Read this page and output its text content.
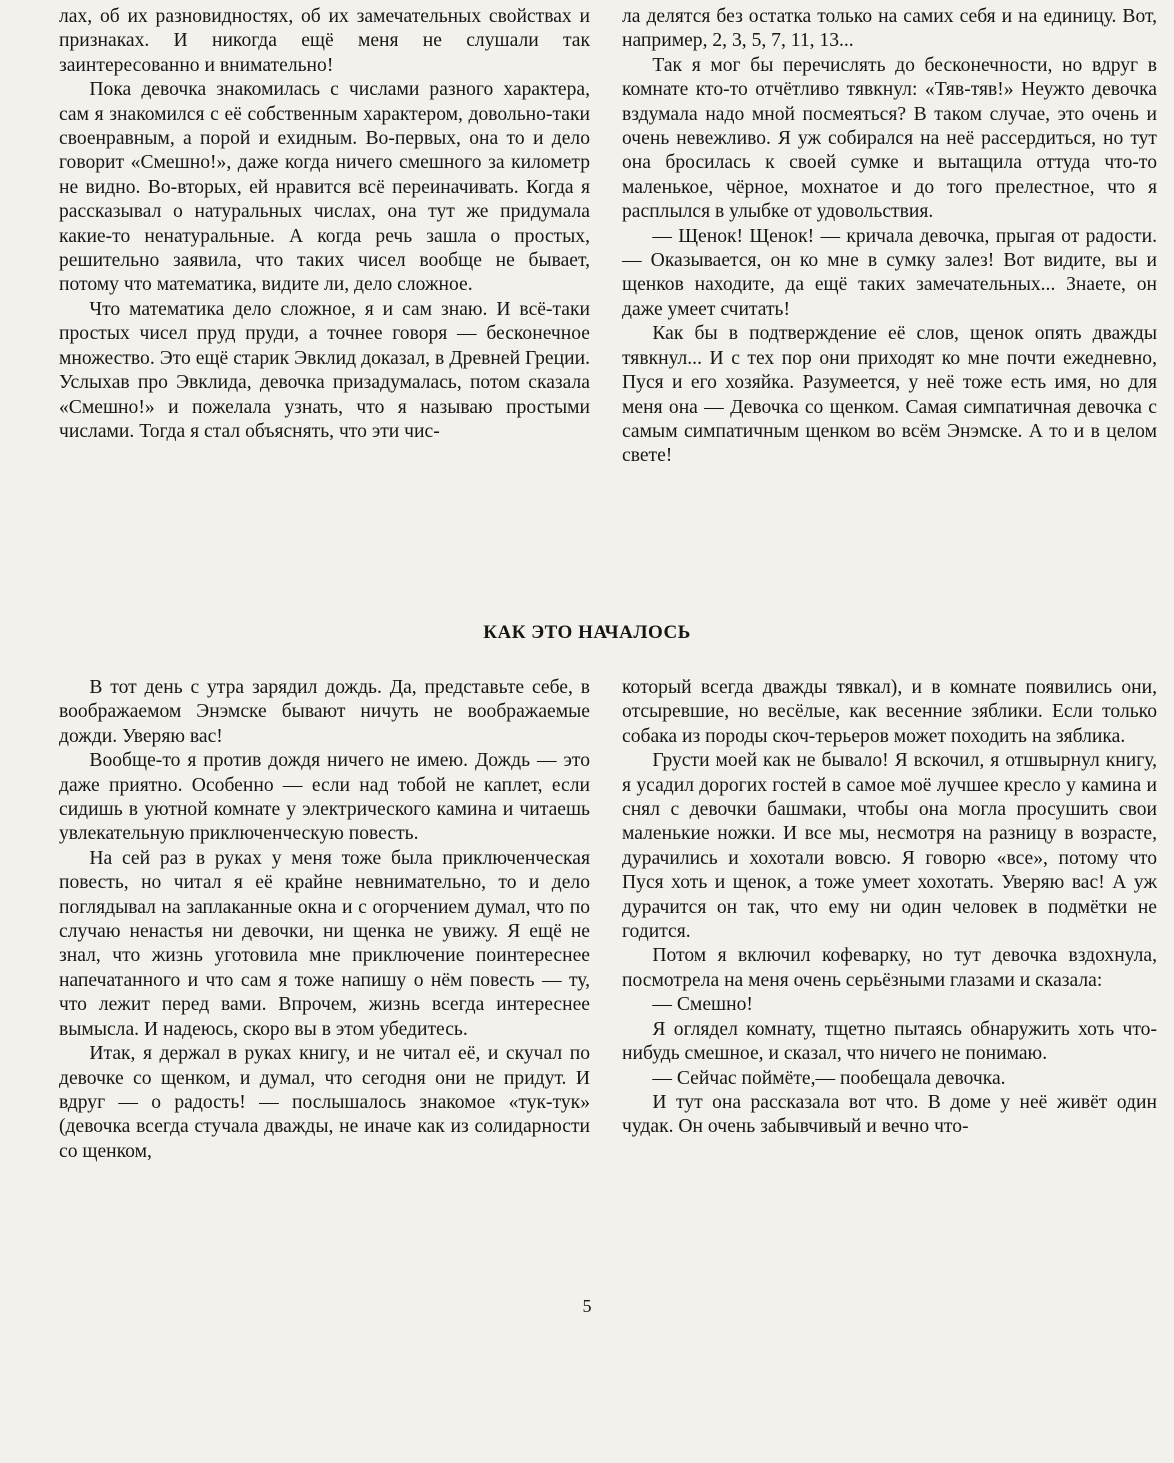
лах, об их разновидностях, об их замечательных свойствах и признаках. И никогда ещё меня не слушали так заинтересованно и внимательно!

Пока девочка знакомилась с числами разного характера, сам я знакомился с её собственным характером, довольно-таки своенравным, а порой и ехидным. Во-первых, она то и дело говорит «Смешно!», даже когда ничего смешного за километр не видно. Во-вторых, ей нравится всё переиначивать. Когда я рассказывал о натуральных числах, она тут же придумала какие-то ненатуральные. А когда речь зашла о простых, решительно заявила, что таких чисел вообще не бывает, потому что математика, видите ли, дело сложное.

Что математика дело сложное, я и сам знаю. И всё-таки простых чисел пруд пруди, а точнее говоря — бесконечное множество. Это ещё старик Эвклид доказал, в Древней Греции. Услыхав про Эвклида, девочка призадумалась, потом сказала «Смешно!» и пожелала узнать, что я называю простыми числами. Тогда я стал объяснять, что эти чис-

ла делятся без остатка только на самих себя и на единицу. Вот, например, 2, 3, 5, 7, 11, 13...

Так я мог бы перечислять до бесконечности, но вдруг в комнате кто-то отчётливо тявкнул: «Тяв-тяв!» Неужто девочка вздумала надо мной посмеяться? В таком случае, это очень и очень невежливо. Я уж собирался на неё рассердиться, но тут она бросилась к своей сумке и вытащила оттуда что-то маленькое, чёрное, мохнатое и до того прелестное, что я расплылся в улыбке от удовольствия.

— Щенок! Щенок! — кричала девочка, прыгая от радости.— Оказывается, он ко мне в сумку залез! Вот видите, вы и щенков находите, да ещё таких замечательных... Знаете, он даже умеет считать!

Как бы в подтверждение её слов, щенок опять дважды тявкнул... И с тех пор они приходят ко мне почти ежедневно, Пуся и его хозяйка. Разумеется, у неё тоже есть имя, но для меня она — Девочка со щенком. Самая симпатичная девочка с самым симпатичным щенком во всём Энэмске. А то и в целом свете!

КАК ЭТО НАЧАЛОСЬ

В тот день с утра зарядил дождь. Да, представьте себе, в воображаемом Энэмске бывают ничуть не воображаемые дожди. Уверяю вас!

Вообще-то я против дождя ничего не имею. Дождь — это даже приятно. Особенно — если над тобой не каплет, если сидишь в уютной комнате у электрического камина и читаешь увлекательную приключенческую повесть.

На сей раз в руках у меня тоже была приключенческая повесть, но читал я её крайне невнимательно, то и дело поглядывал на заплаканные окна и с огорчением думал, что по случаю ненастья ни девочки, ни щенка не увижу. Я ещё не знал, что жизнь уготовила мне приключение поинтереснее напечатанного и что сам я тоже напишу о нём повесть — ту, что лежит перед вами. Впрочем, жизнь всегда интереснее вымысла. И надеюсь, скоро вы в этом убедитесь.

Итак, я держал в руках книгу, и не читал её, и скучал по девочке со щенком, и думал, что сегодня они не придут. И вдруг — о радость! — послышалось знакомое «тук-тук» (девочка всегда стучала дважды, не иначе как из солидарности со щенком,

который всегда дважды тявкал), и в комнате появились они, отсыревшие, но весёлые, как весенние зяблики. Если только собака из породы скоч-терьеров может походить на зяблика.

Грусти моей как не бывало! Я вскочил, я отшвырнул книгу, я усадил дорогих гостей в самое моё лучшее кресло у камина и снял с девочки башмаки, чтобы она могла просушить свои маленькие ножки. И все мы, несмотря на разницу в возрасте, дурачились и хохотали вовсю. Я говорю «все», потому что Пуся хоть и щенок, а тоже умеет хохотать. Уверяю вас! А уж дурачится он так, что ему ни один человек в подмётки не годится.

Потом я включил кофеварку, но тут девочка вздохнула, посмотрела на меня очень серьёзными глазами и сказала:

— Смешно!

Я оглядел комнату, тщетно пытаясь обнаружить хоть что-нибудь смешное, и сказал, что ничего не понимаю.

— Сейчас поймёте,— пообещала девочка.

И тут она рассказала вот что. В доме у неё живёт один чудак. Он очень забывчивый и вечно что-

5
